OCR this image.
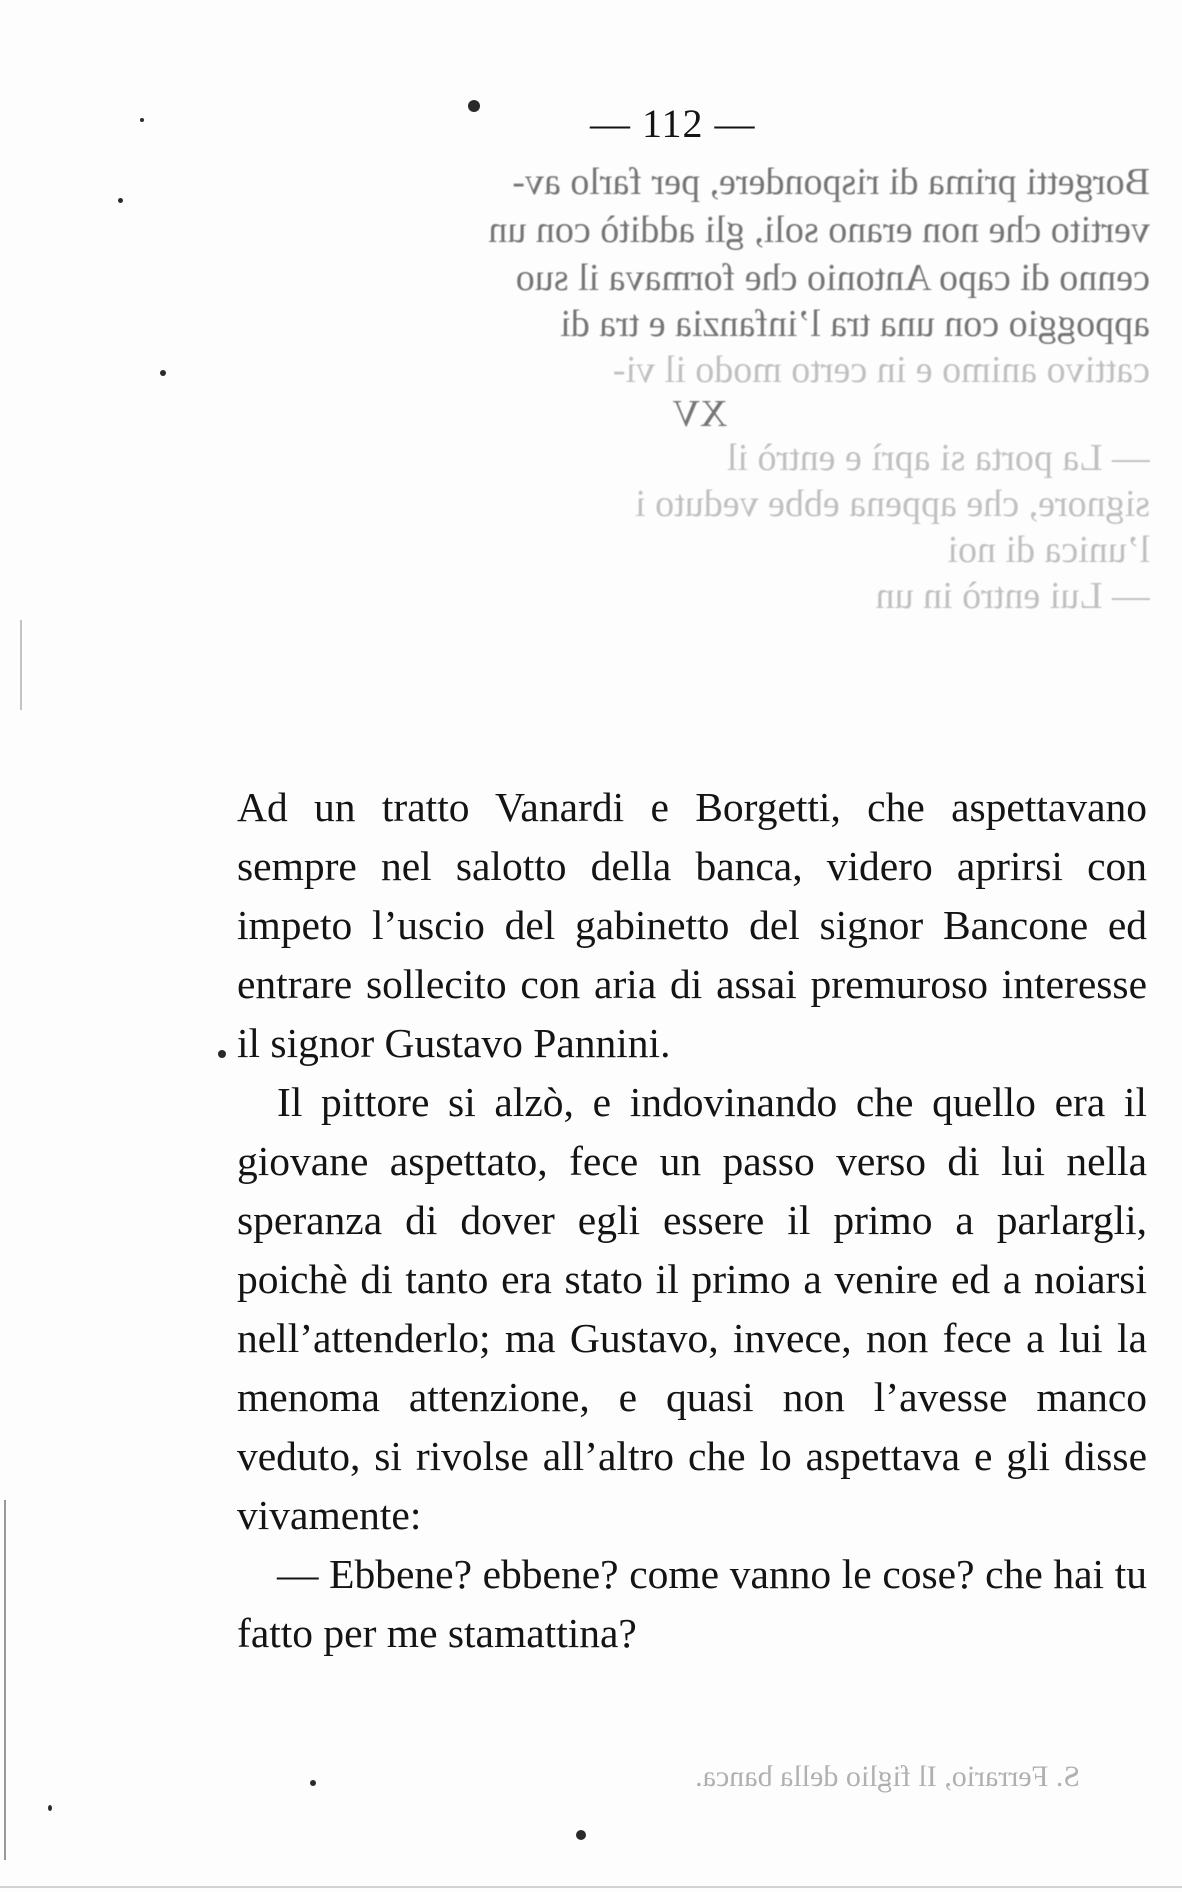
Borgetti prima di rispondere, per farlo av-
vertito che non erano soli, gli additò con un
cenno di capo Antonio che formava il suo
appoggio con una tra l’infanzia e tra di
cattivo animo e in certo modo il vi-
XV
— La porta si aprì e entrò il
signore, che appena ebbe veduto i
l’unica di noi
— Lui entrò in un
— 112 —

Ad un tratto Vanardi e Borgetti, che aspettavano sempre nel salotto della banca, videro aprirsi con impeto l’uscio del gabinetto del signor Bancone ed entrare sollecito con aria di assai premuroso interesse il signor Gustavo Pannini.

Il pittore si alzò, e indovinando che quello era il giovane aspettato, fece un passo verso di lui nella speranza di dover egli essere il primo a parlargli, poichè di tanto era stato il primo a venire ed a noiarsi nell’attenderlo; ma Gustavo, invece, non fece a lui la menoma attenzione, e quasi non l’avesse manco veduto, si rivolse all’altro che lo aspettava e gli disse vivamente:

— Ebbene? ebbene? come vanno le cose? che hai tu fatto per me stamattina?

S. Ferrario, Il figlio della banca.
